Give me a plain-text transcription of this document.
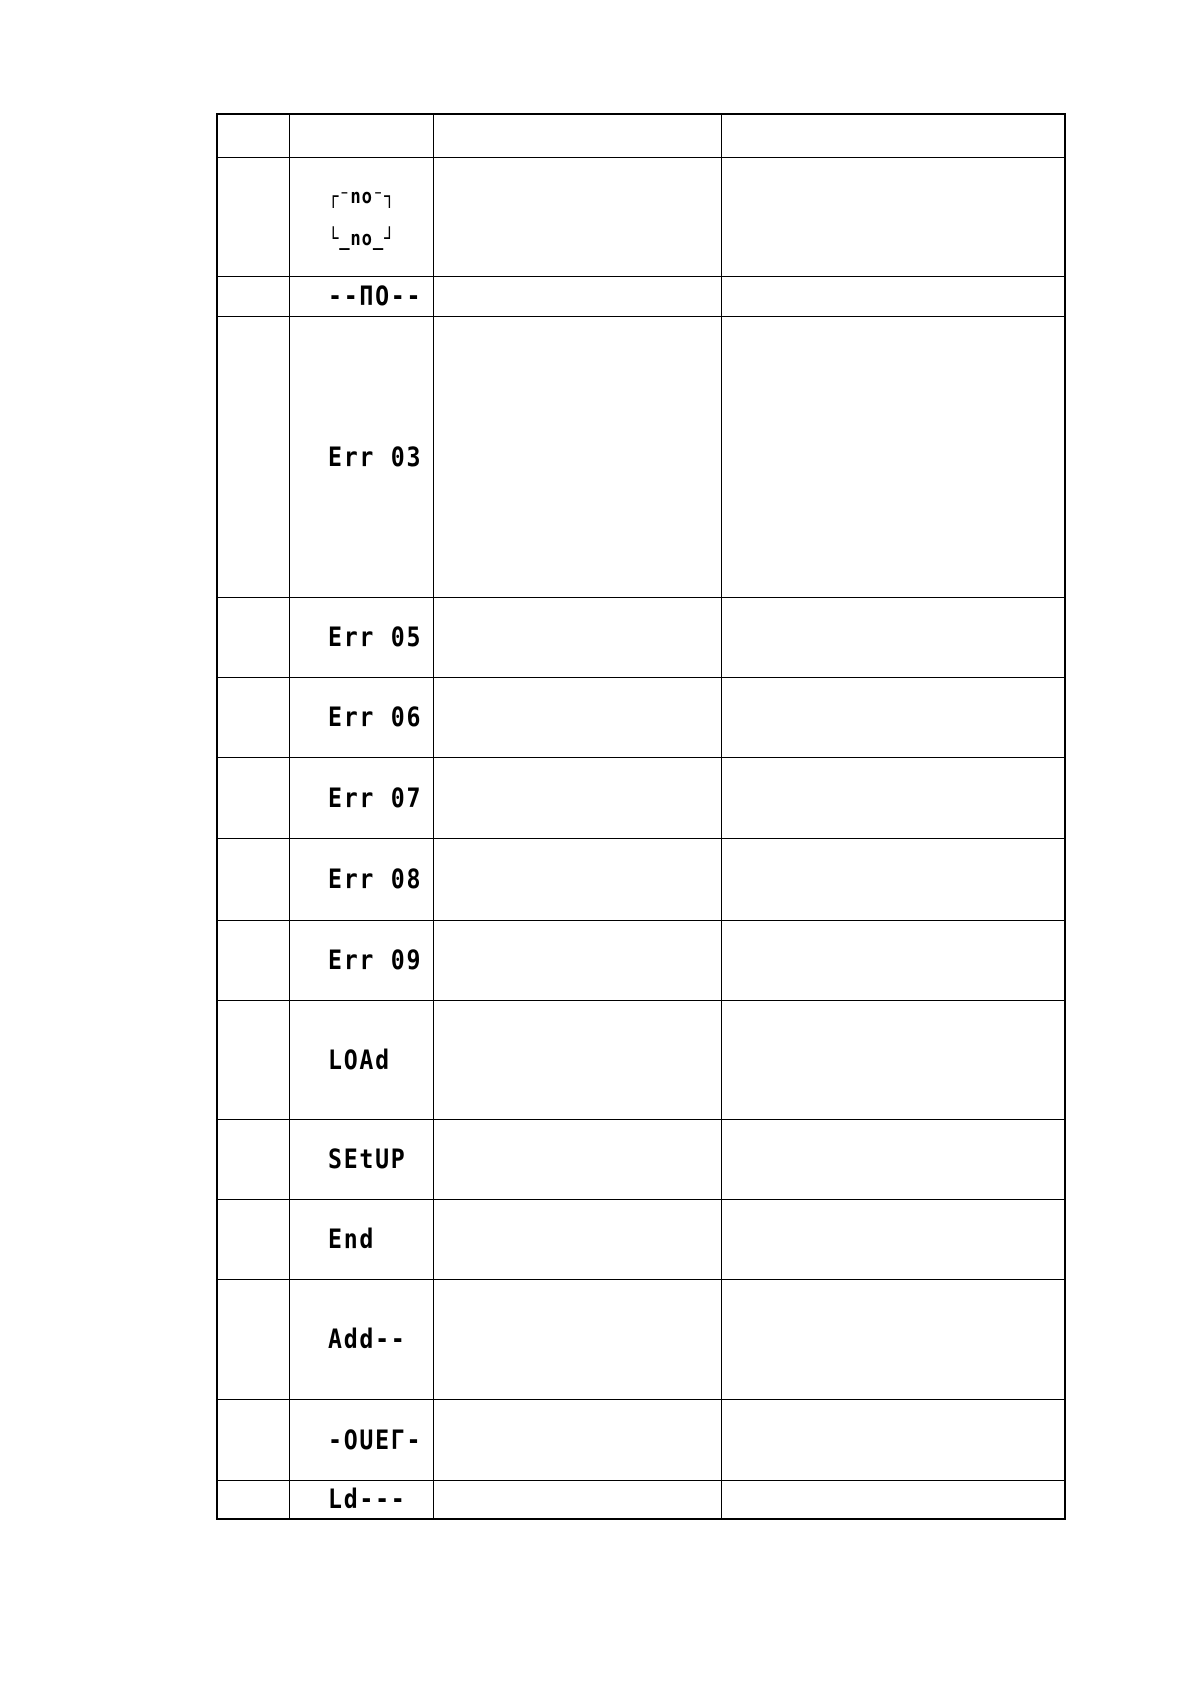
	┌⁻no⁻┐
└_no_┘		

	--ΠO--		
	Err 03		
	Err 05		
	Err 06		
	Err 07		
	Err 08		
	Err 09		
	LOAd		
	SEtUP		
	End		
	Add--		
	-OUEΓ-		
	Ld---		
